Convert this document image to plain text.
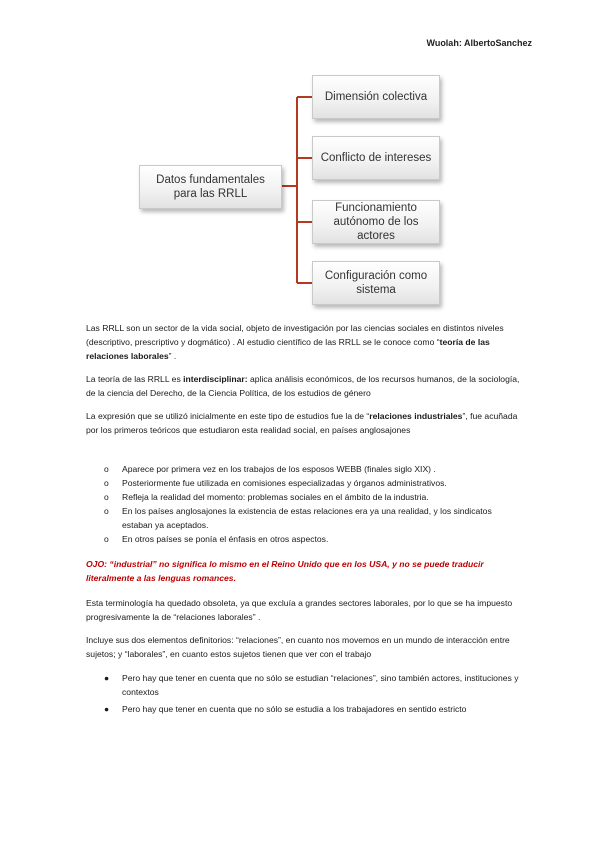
Wuolah: AlbertoSanchez
Datos fundamentales para las RRLL
Dimensión colectiva
Conflicto de intereses
Funcionamiento autónomo de los actores
Configuración como sistema

Las RRLL son un sector de la vida social, objeto de investigación por las ciencias sociales en distintos niveles (descriptivo, prescriptivo y dogmático) . Al estudio científico de las RRLL se le conoce como “teoría de las relaciones laborales” .

La teoría de las RRLL es interdisciplinar: aplica análisis económicos, de los recursos humanos, de la sociología, de la ciencia del Derecho, de la Ciencia Política, de los estudios de género

La expresión que se utilizó inicialmente en este tipo de estudios fue la de “relaciones industriales”, fue acuñada por los primeros teóricos que estudiaron esta realidad social, en países anglosajones

o Aparece por primera vez en los trabajos de los esposos WEBB (finales siglo XIX) .
o Posteriormente fue utilizada en comisiones especializadas y órganos administrativos.
o Refleja la realidad del momento: problemas sociales en el ámbito de la industria.
o En los países anglosajones la existencia de estas relaciones era ya una realidad, y los sindicatos estaban ya aceptados.
o En otros países se ponía el énfasis en otros aspectos.

OJO: “industrial” no significa lo mismo en el Reino Unido que en los USA, y no se puede traducir literalmente a las lenguas romances.

Esta terminología ha quedado obsoleta, ya que excluía a grandes sectores laborales, por lo que se ha impuesto progresivamente la de “relaciones laborales” .

Incluye sus dos elementos definitorios: “relaciones”, en cuanto nos movemos en un mundo de interacción entre sujetos; y “laborales”, en cuanto estos sujetos tienen que ver con el trabajo

● Pero hay que tener en cuenta que no sólo se estudian “relaciones”, sino también actores, instituciones y contextos
● Pero hay que tener en cuenta que no sólo se estudia a los trabajadores en sentido estricto
